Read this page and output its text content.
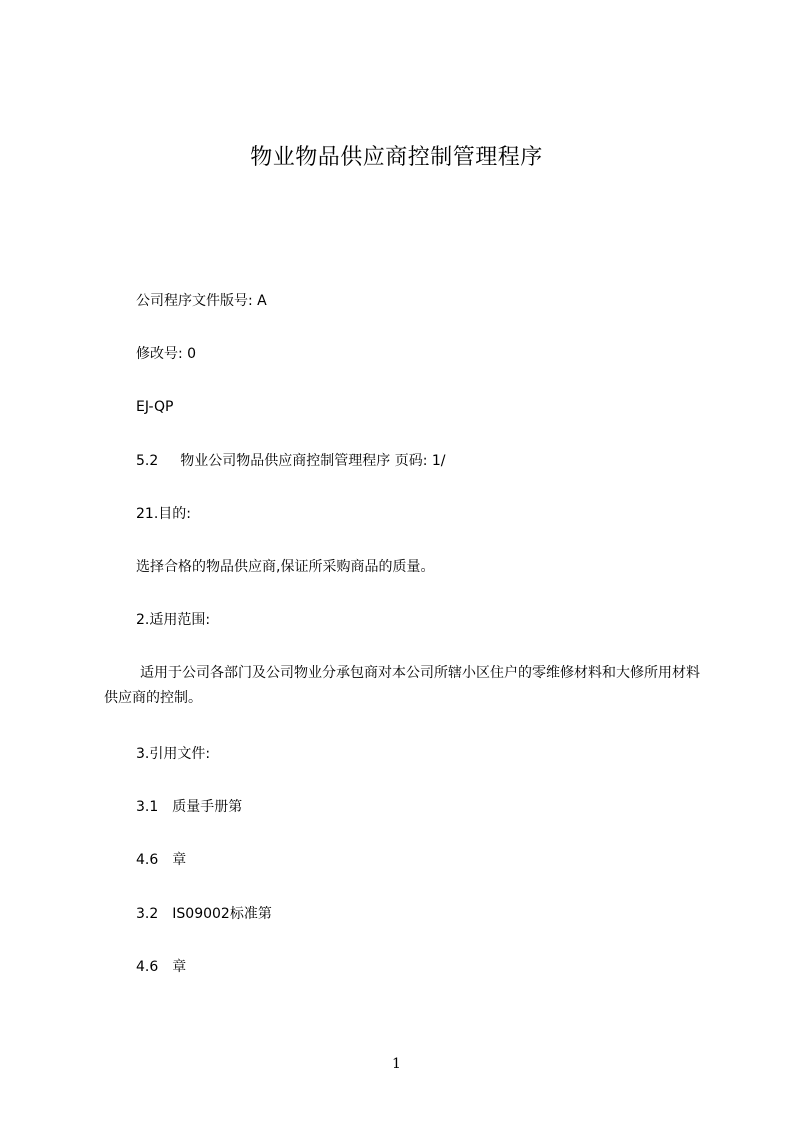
物业物品供应商控制管理程序
公司程序文件版号: A
修改号: 0
EJ-QP
5.2 物业公司物品供应商控制管理程序 页码: 1/
21.目的:
选择合格的物品供应商,保证所采购商品的质量。
2.适用范围:
适用于公司各部门及公司物业分承包商对本公司所辖小区住户的零维修材料和大修所用材料供应商的控制。
3.引用文件:
3.1 质量手册第
4.6 章
3.2 IS09002标准第
4.6 章
1
